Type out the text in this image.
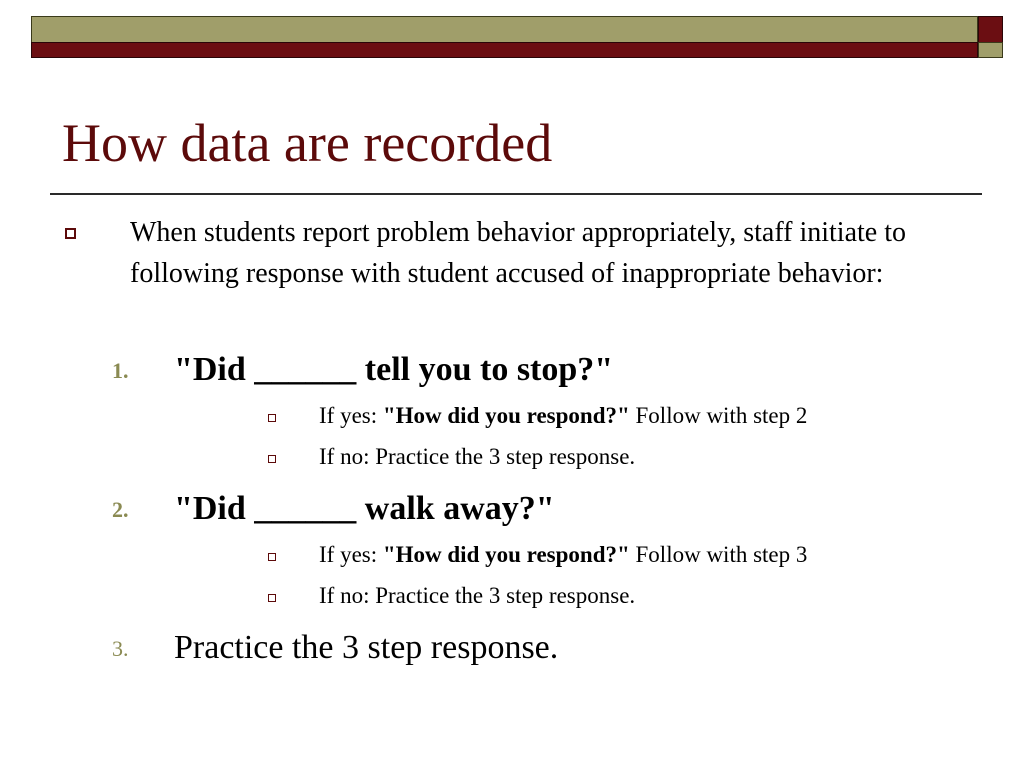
How data are recorded

When students report problem behavior appropriately, staff initiate to following response with student accused of inappropriate behavior:

1.	"Did ______ tell you to stop?"

If yes: "How did you respond?" Follow with step 2

If no: Practice the 3 step response.

2.	"Did ______ walk away?"

If yes: "How did you respond?" Follow with step 3

If no: Practice the 3 step response.

3.	Practice the 3 step response.
